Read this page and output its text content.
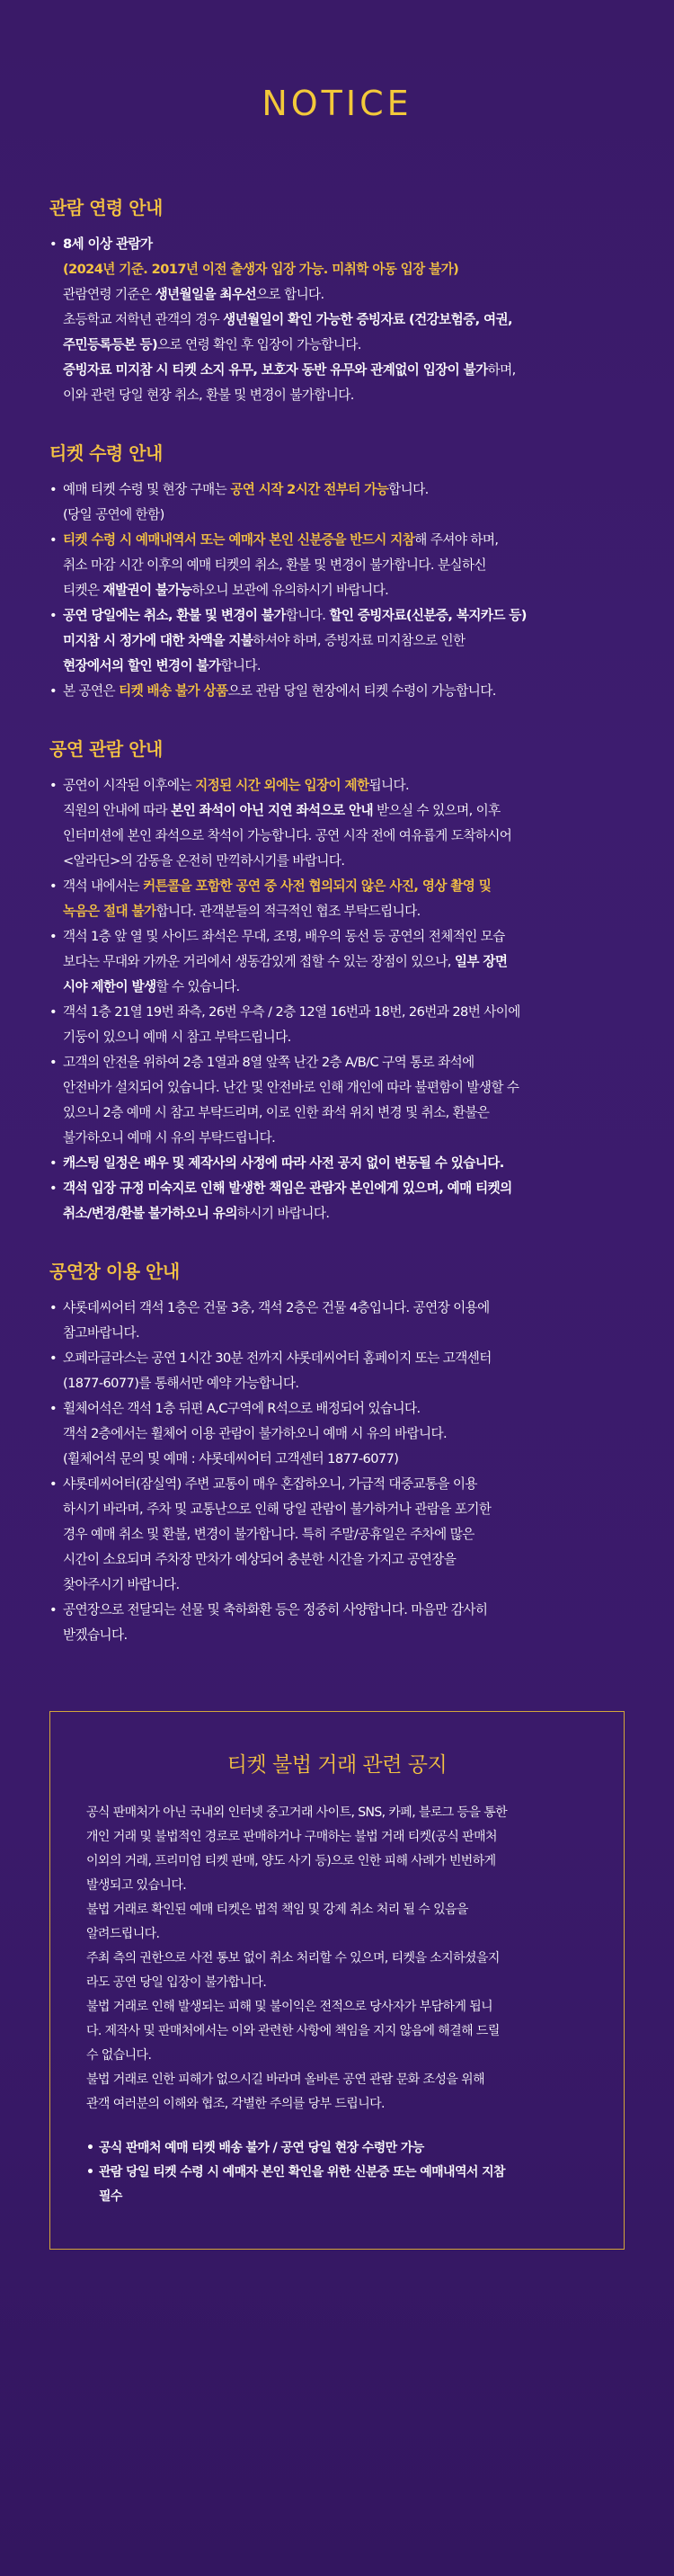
NOTICE
관람 연령 안내
• 8세 이상 관람가
(2024년 기준. 2017년 이전 출생자 입장 가능. 미취학 아동 입장 불가)
관람연령 기준은 생년월일을 최우선으로 합니다.
초등학교 저학년 관객의 경우 생년월일이 확인 가능한 증빙자료 (건강보험증, 여권,
주민등록등본 등)으로 연령 확인 후 입장이 가능합니다.
증빙자료 미지참 시 티켓 소지 유무, 보호자 동반 유무와 관계없이 입장이 불가하며,
이와 관련 당일 현장 취소, 환불 및 변경이 불가합니다.
티켓 수령 안내
• 예매 티켓 수령 및 현장 구매는 공연 시작 2시간 전부터 가능합니다.
(당일 공연에 한함)
• 티켓 수령 시 예매내역서 또는 예매자 본인 신분증을 반드시 지참해 주셔야 하며,
취소 마감 시간 이후의 예매 티켓의 취소, 환불 및 변경이 불가합니다. 분실하신
티켓은 재발권이 불가능하오니 보관에 유의하시기 바랍니다.
• 공연 당일에는 취소, 환불 및 변경이 불가합니다. 할인 증빙자료(신분증, 복지카드 등)
미지참 시 정가에 대한 차액을 지불하셔야 하며, 증빙자료 미지참으로 인한
현장에서의 할인 변경이 불가합니다.
• 본 공연은 티켓 배송 불가 상품으로 관람 당일 현장에서 티켓 수령이 가능합니다.
공연 관람 안내
• 공연이 시작된 이후에는 지정된 시간 외에는 입장이 제한됩니다.
직원의 안내에 따라 본인 좌석이 아닌 지연 좌석으로 안내 받으실 수 있으며, 이후
인터미션에 본인 좌석으로 착석이 가능합니다. 공연 시작 전에 여유롭게 도착하시어
<알라딘>의 감동을 온전히 만끽하시기를 바랍니다.
• 객석 내에서는 커튼콜을 포함한 공연 중 사전 협의되지 않은 사진, 영상 촬영 및
녹음은 절대 불가합니다. 관객분들의 적극적인 협조 부탁드립니다.
• 객석 1층 앞 열 및 사이드 좌석은 무대, 조명, 배우의 동선 등 공연의 전체적인 모습
보다는 무대와 가까운 거리에서 생동감있게 접할 수 있는 장점이 있으나, 일부 장면
시야 제한이 발생할 수 있습니다.
• 객석 1층 21열 19번 좌측, 26번 우측 / 2층 12열 16번과 18번, 26번과 28번 사이에
기둥이 있으니 예매 시 참고 부탁드립니다.
• 고객의 안전을 위하여 2층 1열과 8열 앞쪽 난간 2층 A/B/C 구역 통로 좌석에
안전바가 설치되어 있습니다. 난간 및 안전바로 인해 개인에 따라 불편함이 발생할 수
있으니 2층 예매 시 참고 부탁드리며, 이로 인한 좌석 위치 변경 및 취소, 환불은
불가하오니 예매 시 유의 부탁드립니다.
• 캐스팅 일정은 배우 및 제작사의 사정에 따라 사전 공지 없이 변동될 수 있습니다.
• 객석 입장 규정 미숙지로 인해 발생한 책임은 관람자 본인에게 있으며, 예매 티켓의
취소/변경/환불 불가하오니 유의하시기 바랍니다.
공연장 이용 안내
• 샤롯데씨어터 객석 1층은 건물 3층, 객석 2층은 건물 4층입니다. 공연장 이용에
참고바랍니다.
• 오페라글라스는 공연 1시간 30분 전까지 샤롯데씨어터 홈페이지 또는 고객센터
(1877-6077)를 통해서만 예약 가능합니다.
• 휠체어석은 객석 1층 뒤편 A,C구역에 R석으로 배정되어 있습니다.
객석 2층에서는 휠체어 이용 관람이 불가하오니 예매 시 유의 바랍니다.
(휠체어석 문의 및 예매 : 샤롯데씨어터 고객센터 1877-6077)
• 샤롯데씨어터(잠실역) 주변 교통이 매우 혼잡하오니, 가급적 대중교통을 이용
하시기 바라며, 주차 및 교통난으로 인해 당일 관람이 불가하거나 관람을 포기한
경우 예매 취소 및 환불, 변경이 불가합니다. 특히 주말/공휴일은 주차에 많은
시간이 소요되며 주차장 만차가 예상되어 충분한 시간을 가지고 공연장을
찾아주시기 바랍니다.
• 공연장으로 전달되는 선물 및 축하화환 등은 정중히 사양합니다. 마음만 감사히
받겠습니다.
티켓 불법 거래 관련 공지
공식 판매처가 아닌 국내외 인터넷 중고거래 사이트, SNS, 카페, 블로그 등을 통한
개인 거래 및 불법적인 경로로 판매하거나 구매하는 불법 거래 티켓(공식 판매처
이외의 거래, 프리미엄 티켓 판매, 양도 사기 등)으로 인한 피해 사례가 빈번하게
발생되고 있습니다.
불법 거래로 확인된 예매 티켓은 법적 책임 및 강제 취소 처리 될 수 있음을
알려드립니다.
주최 측의 권한으로 사전 통보 없이 취소 처리할 수 있으며, 티켓을 소지하셨을지
라도 공연 당일 입장이 불가합니다.
불법 거래로 인해 발생되는 피해 및 불이익은 전적으로 당사자가 부담하게 됩니
다. 제작사 및 판매처에서는 이와 관련한 사항에 책임을 지지 않음에 해결해 드릴
수 없습니다.
불법 거래로 인한 피해가 없으시길 바라며 올바른 공연 관람 문화 조성을 위해
관객 여러분의 이해와 협조, 각별한 주의를 당부 드립니다.
• 공식 판매처 예매 티켓 배송 불가 / 공연 당일 현장 수령만 가능
• 관람 당일 티켓 수령 시 예매자 본인 확인을 위한 신분증 또는 예매내역서 지참
필수
